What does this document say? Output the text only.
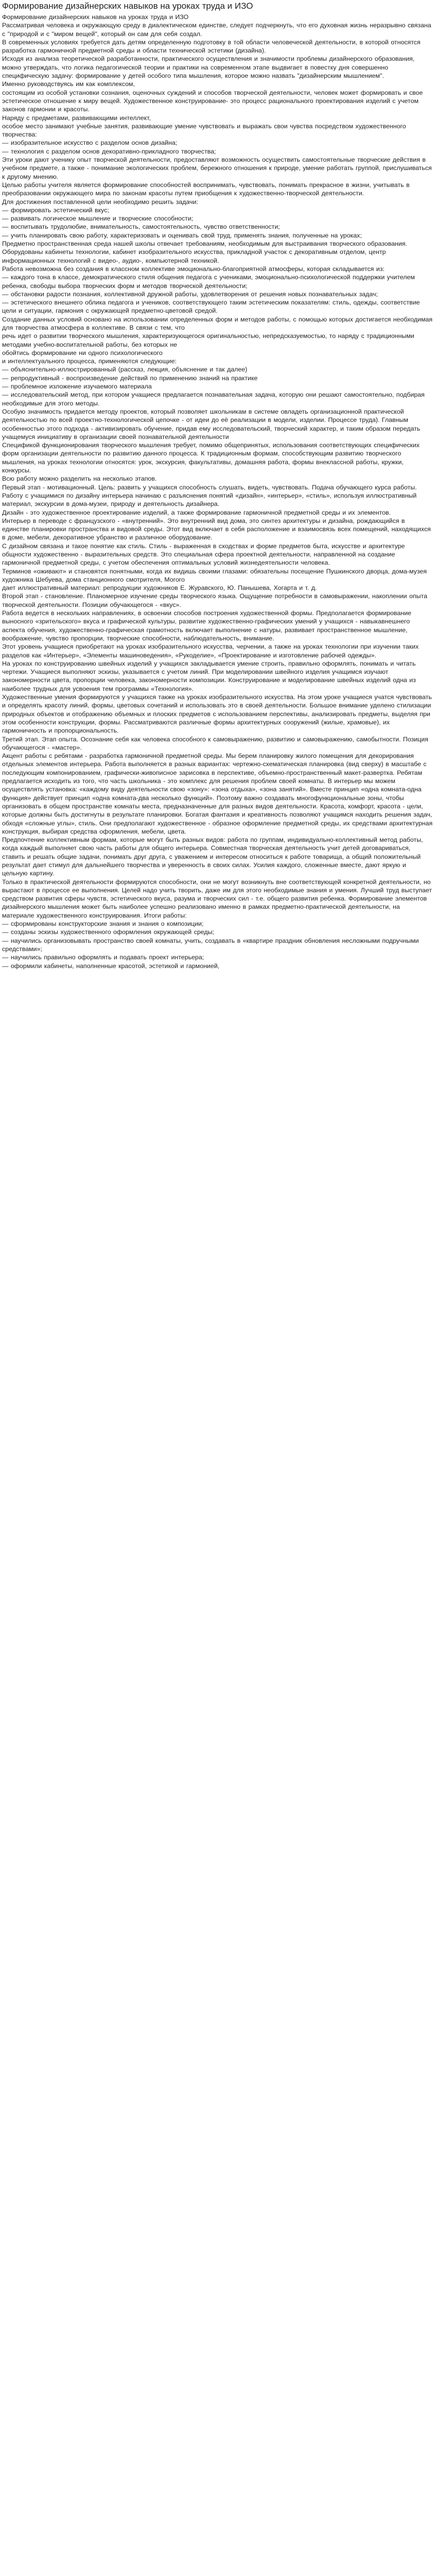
Формирование дизайнерских навыков на уроках труда и ИЗО

Формирование дизайнерских навыков на уроках труда и ИЗО

Рассматривая человека и окружающую среду в диалектическом единстве, следует подчеркнуть, что его духовная жизнь неразрывно связана с "природой и с "миром вещей", который он сам для себя создал.

В современных условиях требуется дать детям определенную подготовку в той области человеческой деятельности, в которой относятся разработка гармоничной предметной среды и области технической эстетики (дизайна).

Исходя из анализа теоретической разработанности, практического осуществления и значимости проблемы дизайнерского образования, можно утверждать, что логика педагогической теории и практики на современном этапе выдвигает в повестку дня совершенно специфическую задачу: формирование у детей особого типа мышления, которое можно назвать "дизайнерским мышлением".

Именно руководствуясь им как комплексом,

состоящим из особой установки сознания, оценочных суждений и способов творческой деятельности, человек может формировать и свое эстетическое отношение к миру вещей. Художественное конструирование- это процесс рационального проектирования изделий с учетом законов гармонии и красоты.

Наряду с предметами, развивающими интеллект,

особое место занимают учебные занятия, развивающие умение чувствовать и выражать свои чувства посредством художественного творчества:

— изобразительное искусство с разделом основ дизайна;

— технология с разделом основ декоративно-прикладного творчества;

Эти уроки дают ученику опыт творческой деятельности, предоставляют возможность осуществить самостоятельные творческие действия в учебном предмете, а также - понимание экологических проблем, бережного отношения к природе, умение работать группой, прислушиваться к другому мнению.

Целью работы учителя является формирование способностей воспринимать, чувствовать, понимать прекрасное в жизни, учитывать в преобразовании окружающего мира по законам красоты путем приобщения к художественно-творческой деятельности.

Для достижения поставленной цели необходимо решить задачи:

— формировать эстетический вкус;

— развивать логическое мышление и творческие способности;

— воспитывать трудолюбие, внимательность, самостоятельность, чувство ответственности;

— учить планировать свою работу, характеризовать и оценивать свой труд, применять знания, полученные на уроках;

Предметно пространственная среда нашей школы отвечает требованиям, необходимым для выстраивания творческого образования.

Оборудованы кабинеты технологии, кабинет изобразительного искусства, прикладной участок с декоративным отделом, центр информационных технологий с видео-, аудио-, компьютерной техникой.

Работа невозможна без создания в классном коллективе эмоционально-благоприятной атмосферы, которая складывается из:

— каждого тона в классе, демократического стиля общения педагога с учениками, эмоционально-психологической поддержки учителем ребенка, свободы выбора творческих форм и методов творческой деятельности;

— обстановки радости познания, коллективной дружной работы, удовлетворения от решения новых познавательных задач;

— эстетического внешнего облика педагога и учеников, соответствующего таким эстетическим показателям: стиль, одежды, соответствие цели и ситуации, гармония с окружающей предметно-цветовой средой.

Создание данных условий основано на использовании определенных форм и методов работы, с помощью которых достигается необходимая для творчества атмосфера в коллективе. В связи с тем, что

речь идет о развитии творческого мышления, характеризующегося оригинальностью, непредсказуемостью, то наряду с традиционными методами учебно-воспитательной работы, без которых не

обойтись формирование ни одного психологического

и интеллектуального процесса, применяются следующие:

— объяснительно-иллюстрированный (рассказ, лекция, объяснение и так далее)

— репродуктивный - воспроизведение действий по применению знаний на практике

— проблемное изложение изучаемого материала

— исследовательский метод, при котором учащиеся предлагается познавательная задача, которую они решают самостоятельно, подбирая необходимые для этого методы.

Особую значимость придается методу проектов, который позволяет школьникам в системе овладеть организационной практической деятельностью по всей проектно-технологической цепочке - от идеи до её реализации в модели, изделии. Процессе труда). Главным особенностью этого подхода - активизировать обучение, придав ему исследовательский, творческий характер, и таким образом передать учащемуся инициативу в организации своей познавательной деятельности

Спецификой функционирования творческого мышления требует, помимо общепринятых, использования соответствующих специфических форм организации деятельности по развитию данного процесса. К традиционным формам, способствующим развитию творческого мышления, на уроках технологии относятся: урок, экскурсия, факультативы, домашняя работа, формы внеклассной работы, кружки, конкурсы.

Всю работу можно разделить на несколько этапов.

Первый этап - мотивационный. Цель: развить у учащихся способность слушать, видеть, чувствовать. Подача обучающего курса работы.

Работу с учащимися по дизайну интерьера начинаю с разъяснения понятий «дизайн», «интерьер», «стиль», используя иллюстративный материал, экскурсии в дома-музеи, природу и деятельность дизайнера.

Дизайн - это художественное проектирование изделий, а также формирование гармоничной предметной среды и их элементов.

Интерьер в переводе с французского - «внутренний». Это внутренний вид дома, это синтез архитектуры и дизайна, рождающийся в единстве планировки пространства и видовой среды. Этот вид включает в себя расположение и взаимосвязь всех помещений, находящихся в доме, мебели, декоративное убранство и различное оборудование.

С дизайном связана и такое понятие как стиль. Стиль - выраженная в сходствах и форме предметов быта, искусстве и архитектуре общности художественно - выразительных средств. Это специальная сфера проектной деятельности, направленной на создание гармоничной предметной среды, с учетом обеспечения оптимальных условий жизнедеятельности человека.

Терминов «оживают» и становятся понятными, когда их видишь своими глазами: обязательны посещение Пушкинского дворца, дома-музея художника Шебуева, дома станционного смотрителя, Могого

дает иллюстративный материал: репродукции художников Е. Журавского, Ю. Панышева, Хогарта и т. д.

Второй этап - становление. Планомерное изучение среды творческого языка. Ощущение потребности в самовыражении, накоплении опыта творческой деятельности. Позиции обучающегося - «вкус».

Работа ведется в нескольких направлениях, в освоении способов построения художественной формы. Предполагается формирование выносного «зрительского» вкуса и графической культуры, развитие художественно-графических умений у учащихся - навыкавнешнего аспекта обучения, художественно-графическая грамотность включает выполнение с натуры, развивает пространственное мышление, воображение, чувство пропорции, творческие способности, наблюдательность, внимание.

Этот уровень учащиеся приобретают на уроках изобразительного искусства, черчении, а также на уроках технологии при изучении таких разделов как «Интерьер», «Элементы машиноведения», «Рукоделие», «Проектирование и изготовление рабочей одежды».

На уроках по конструированию швейных изделий у учащихся закладывается умение строить, правильно оформлять, понимать и читать чертежи. Учащиеся выполняют эскизы, указывается с учетом линий. При моделировании швейного изделия учащимся изучают закономерности цвета, пропорции человека, закономерности композиции. Конструирование и моделирование швейных изделий одна из наиболее трудных для усвоения тем программы «Технология».

Художественные умения формируются у учащихся также на уроках изобразительного искусства. На этом уроке учащиеся учатся чувствовать и определять красоту линий, формы, цветовых сочетаний и использовать это в своей деятельности. Большое внимание уделено стилизации природных объектов и отображению объемных и плоских предметов с использованием перспективы, анализировать предметы, выделяя при этом особенности конструкции, формы. Рассматриваются различные формы архитектурных сооружений (жилые, храмовые), их гармоничность и пропорциональность.

Третий этап. Этап опыта. Осознание себя как человека способного к самовыражению, развитию и самовыражению, самобытности. Позиция обучающегося - «мастер».

Акцент работы с ребятами - разработка гармоничной предметной среды. Мы берем планировку жилого помещения для декорирования отдельных элементов интерьера. Работа выполняется в разных вариантах: чертежно-схематическая планировка (вид сверху) в масштабе с последующим компонированием, графически-живописное зарисовка в перспективе, объемно-пространственный макет-развертка. Ребятам предлагается исходить из того, что часть школьника - это комплекс для решения проблем своей комнаты. В интерьер мы можем осуществлять установка: «каждому виду деятельности свою «зону»: «зона отдыха», «зона занятий». Вместе принцип «одна комната-одна функция» действует принцип «одна комната-два несколько функций». Поэтому важно создавать многофункциональные зоны, чтобы организовать в общем пространстве комнаты места, предназначенные для разных видов деятельности. Красота, комфорт, красота - цели, которые должны быть достигнуты в результате планировки. Богатая фантазия и креативность позволяют учащимся находить решения задач, обходя «сложные углы», стиль. Они предполагают художественное - образное оформление предметной среды, их средствами архитектурная конструкция, выбирая средства оформления, мебели, цвета.

Предпочтение коллективным формам, которые могут быть разных видов: работа по группам, индивидуально-коллективный метод работы, когда каждый выполняет свою часть работы для общего интерьера. Совместная творческая деятельность учит детей договариваться, ставить и решать общие задачи, понимать друг друга, с уважением и интересом относиться к работе товарища, а общий положительный результат дает стимул для дальнейшего творчества и уверенность в своих силах. Усилия каждого, сложенные вместе, дают яркую и цельную картину.

Только в практической деятельности формируются способности, они не могут возникнуть вне соответствующей конкретной деятельности, но вырастают в процессе ее выполнения. Целей надо учить творить, даже им для этого необходимые знания и умения. Лучший труд выступает средством развития сферы чувств, эстетического вкуса, разума и творческих сил - т.е. общего развития ребенка. Формирование элементов дизайнерского мышления может быть наиболее успешно реализовано именно в рамках предметно-практической деятельности, на материале художественного конструирования. Итоги работы:

— сформированы конструкторские знания и знания о композиции;

— созданы эскизы художественного оформления окружающей среды;

— научились организовывать пространство своей комнаты, учить, создавать в «квартире праздник обновления несложными подручными средствами»;

— научились правильно оформлять и подавать проект интерьера;

— оформили кабинеты, наполненные красотой, эстетикой и гармонией,
